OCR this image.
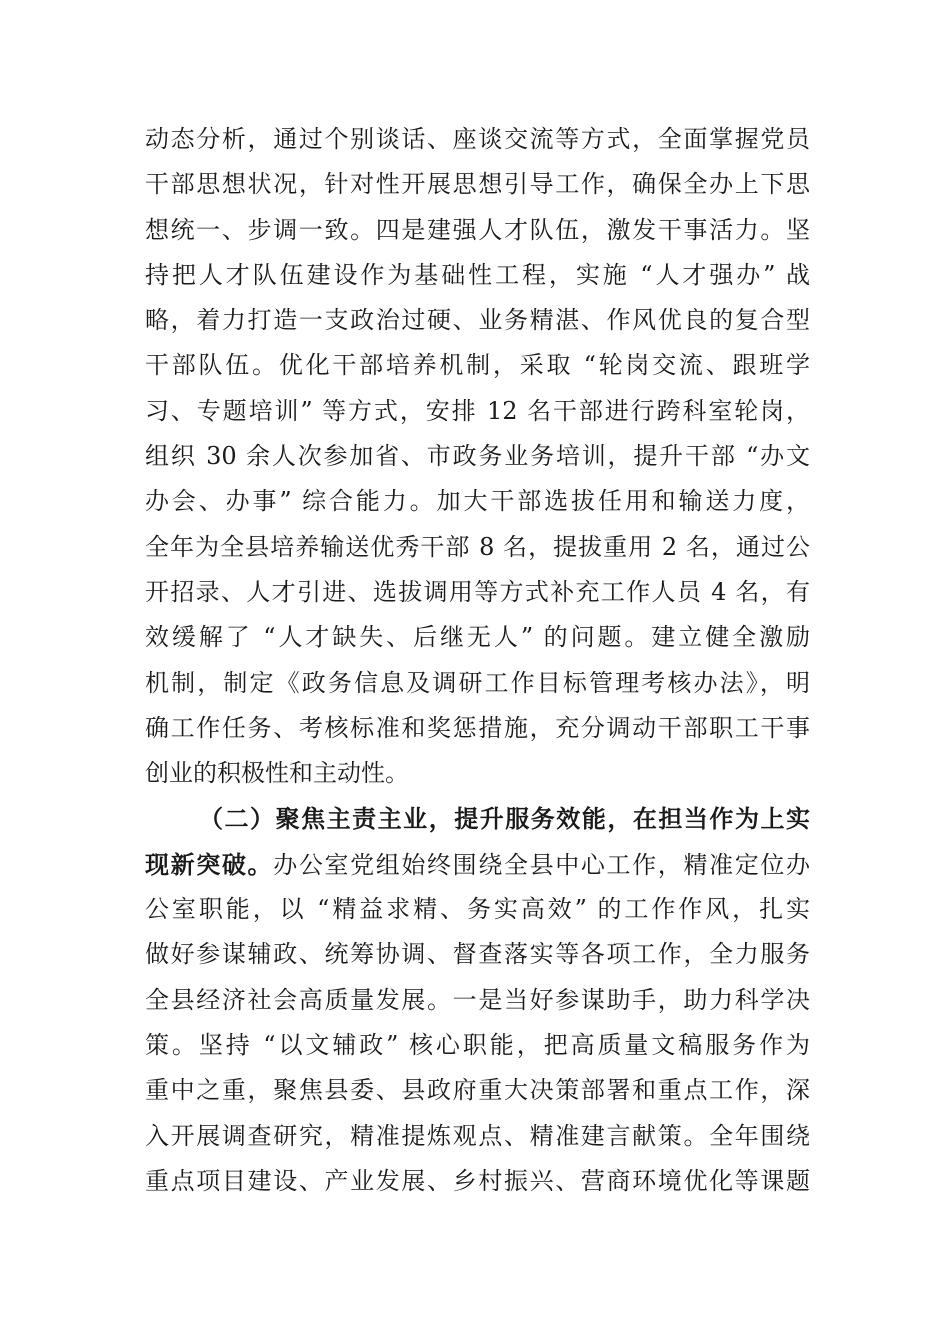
动态分析，通过个别谈话、座谈交流等方式，全面掌握党员
干部思想状况，针对性开展思想引导工作，确保全办上下思
想统一、步调一致。四是建强人才队伍，激发干事活力。坚
持把人才队伍建设作为基础性工程，实施 “人才强办” 战
略，着力打造一支政治过硬、业务精湛、作风优良的复合型
干部队伍。优化干部培养机制，采取 “轮岗交流、跟班学
习、专题培训” 等方式，安排 12 名干部进行跨科室轮岗，
组织 30 余人次参加省、市政务业务培训，提升干部 “办文
办会、办事” 综合能力。加大干部选拔任用和输送力度，
全年为全县培养输送优秀干部 8 名，提拔重用 2 名，通过公
开招录、人才引进、选拔调用等方式补充工作人员 4 名，有
效缓解了 “人才缺失、后继无人” 的问题。建立健全激励
机制，制定《政务信息及调研工作目标管理考核办法》，明
确工作任务、考核标准和奖惩措施，充分调动干部职工干事
创业的积极性和主动性。
（二）聚焦主责主业，提升服务效能，在担当作为上实
现新突破。办公室党组始终围绕全县中心工作，精准定位办
公室职能，以 “精益求精、务实高效” 的工作作风，扎实
做好参谋辅政、统筹协调、督查落实等各项工作，全力服务
全县经济社会高质量发展。一是当好参谋助手，助力科学决
策。坚持 “以文辅政” 核心职能，把高质量文稿服务作为
重中之重，聚焦县委、县政府重大决策部署和重点工作，深
入开展调查研究，精准提炼观点、精准建言献策。全年围绕
重点项目建设、产业发展、乡村振兴、营商环境优化等课题
